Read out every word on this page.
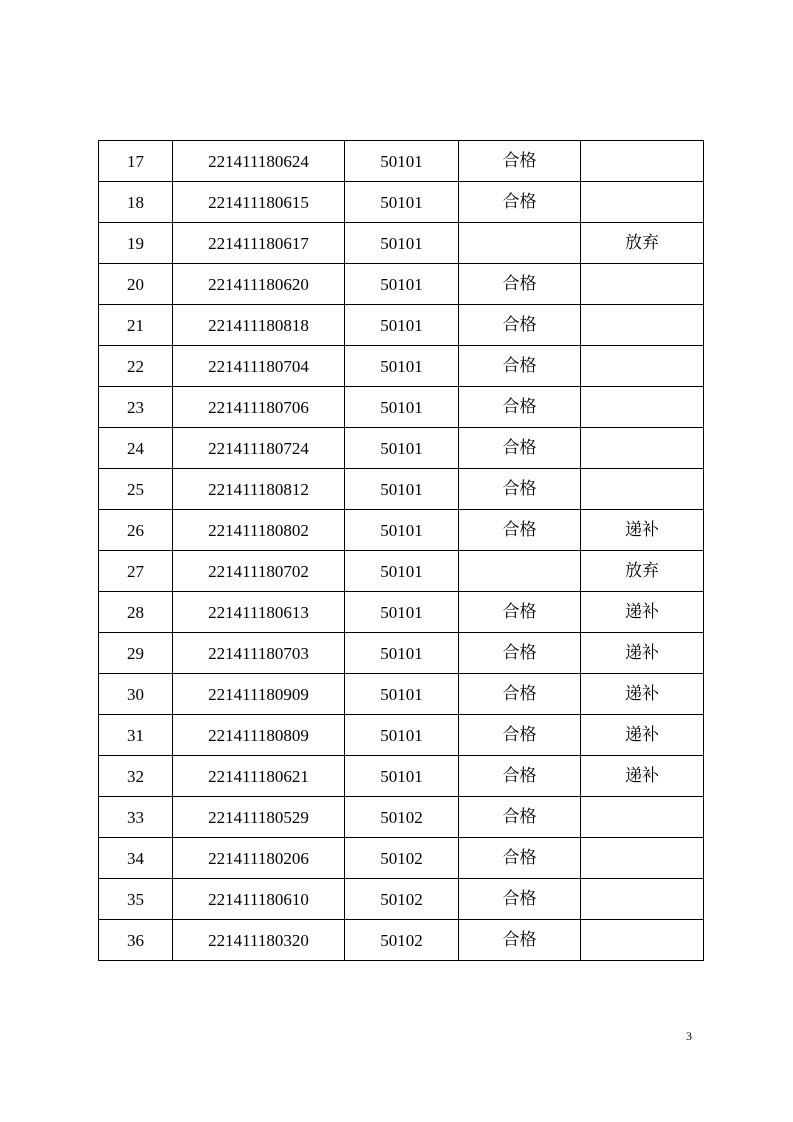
17	221411180624	50101	合格	
18	221411180615	50101	合格	
19	221411180617	50101		放弃
20	221411180620	50101	合格	
21	221411180818	50101	合格	
22	221411180704	50101	合格	
23	221411180706	50101	合格	
24	221411180724	50101	合格	
25	221411180812	50101	合格	
26	221411180802	50101	合格	递补
27	221411180702	50101		放弃
28	221411180613	50101	合格	递补
29	221411180703	50101	合格	递补
30	221411180909	50101	合格	递补
31	221411180809	50101	合格	递补
32	221411180621	50101	合格	递补
33	221411180529	50102	合格	
34	221411180206	50102	合格	
35	221411180610	50102	合格	
36	221411180320	50102	合格	
3
